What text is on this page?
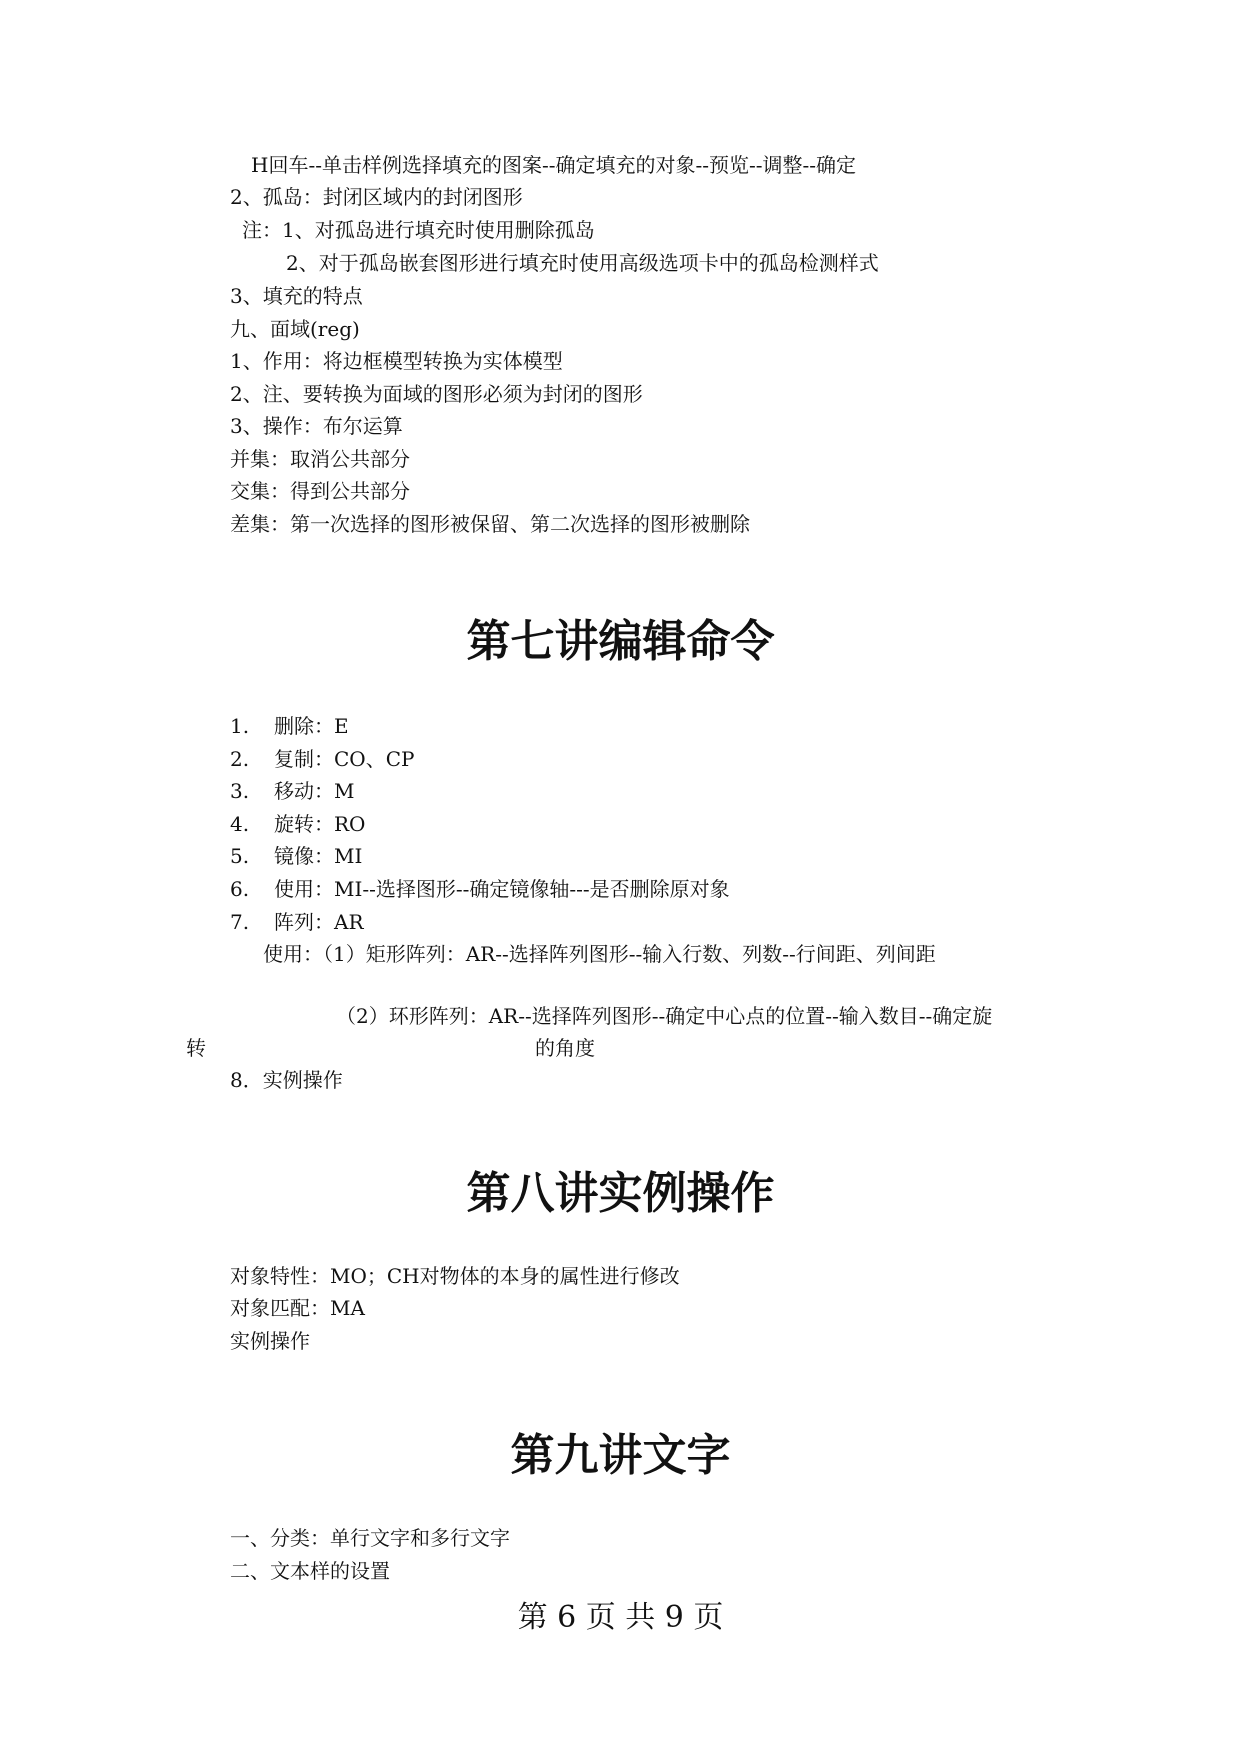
H回车--单击样例选择填充的图案--确定填充的对象--预览--调整--确定
2、孤岛：封闭区域内的封闭图形
注：1、对孤岛进行填充时使用删除孤岛
2、对于孤岛嵌套图形进行填充时使用高级选项卡中的孤岛检测样式
3、填充的特点
九、面域(reg)
1、作用：将边框模型转换为实体模型
2、注、要转换为面域的图形必须为封闭的图形
3、操作：布尔运算
并集：取消公共部分
交集：得到公共部分
差集：第一次选择的图形被保留、第二次选择的图形被删除
第七讲编辑命令
1. 删除：E
2. 复制：CO、CP
3. 移动：M
4. 旋转：RO
5. 镜像：MI
6. 使用：MI--选择图形--确定镜像轴---是否删除原对象
7. 阵列：AR
使用：（1）矩形阵列：AR--选择阵列图形--输入行数、列数--行间距、列间距
（2）环形阵列：AR--选择阵列图形--确定中心点的位置--输入数目--确定旋
转	的角度
8．实例操作
第八讲实例操作
对象特性：MO；CH对物体的本身的属性进行修改
对象匹配：MA
实例操作
第九讲文字
一、分类：单行文字和多行文字
二、文本样的设置
第 6 页 共 9 页
